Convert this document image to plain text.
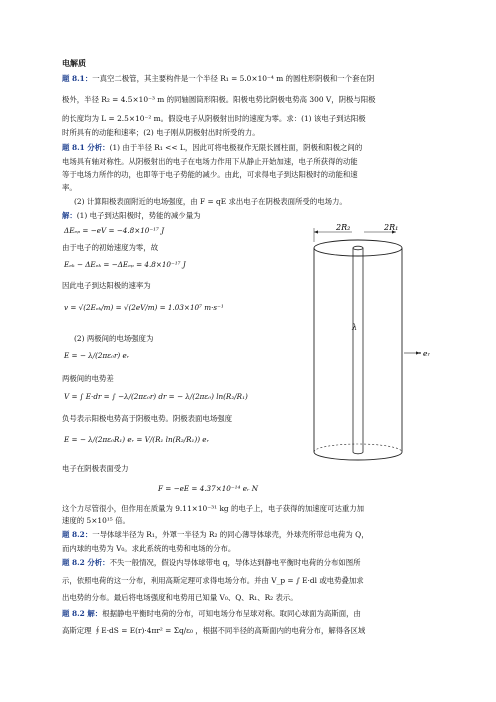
电解质
题 8.1：一真空二极管，其主要构件是一个半径 R₁ = 5.0×10⁻⁴ m 的圆柱形阴极和一个套在阴
极外，半径 R₂ = 4.5×10⁻³ m 的同轴圆筒形阳极。阳极电势比阴极电势高 300 V，阴极与阳极
的长度均为 L = 2.5×10⁻² m。假设电子从阴极射出时的速度为零。求：(1) 该电子到达阳极
时所具有的动能和速率；(2) 电子刚从阴极射出时所受的力。
题 8.1 分析：(1) 由于半径 R₁ << L，因此可将电极视作无限长圆柱面，阴极和阳极之间的
电场具有轴对称性。从阴极射出的电子在电场力作用下从静止开始加速，电子所获得的动能
等于电场力所作的功，也即等于电子势能的减少。由此，可求得电子到达阳极时的动能和速
率。
(2) 计算阳极表面附近的电场强度，由 F = qE 求出电子在阴极表面所受的电场力。
解：(1) 电子到达阳极时，势能的减少量为
ΔEₑₚ = −eV = −4.8×10⁻¹⁷ J
由于电子的初始速度为零，故
Eₑₖ − ΔEₑₖ = −ΔEₑₚ = 4.8×10⁻¹⁷ J
因此电子到达阳极的速率为
v = √(2Eₑₖ/m) = √(2eV/m) = 1.03×10⁷ m·s⁻¹
(2) 两极间的电场强度为
E = − λ/(2πε₀r) eᵣ
两极间的电势差
V = ∫ E·dr = ∫ −λ/(2πε₀r) dr = − λ/(2πε₀) ln(R₂/R₁)
负号表示阳极电势高于阴极电势。阴极表面电场强度
E = − λ/(2πε₀R₁) eᵣ = V/(R₁ ln(R₂/R₁)) eᵣ
电子在阴极表面受力
F = −eE = 4.37×10⁻¹⁴ eᵣ N
这个力尽管很小，但作用在质量为 9.11×10⁻³¹ kg 的电子上，电子获得的加速度可达重力加
速度的 5×10¹⁵ 倍。
题 8.2：一导体球半径为 R₁，外罩一半径为 R₂ 的同心薄导体球壳，外球壳所带总电荷为 Q，
而内球的电势为 V₀。求此系统的电势和电场的分布。
题 8.2 分析：不失一般情况，假设内导体球带电 q，导体达到静电平衡时电荷的分布如图所
示，依照电荷的这一分布，利用高斯定理可求得电场分布。并由 V_p = ∫ E·dl 或电势叠加求
出电势的分布。最后将电场强度和电势用已知量 V₀、Q、R₁、R₂ 表示。
题 8.2 解：根据静电平衡时电荷的分布，可知电场分布呈球对称。取同心球面为高斯面，由
高斯定理 ∮E·dS = E(r)·4πr² = Σq/ε₀ ，根据不同半径的高斯面内的电荷分布，解得各区域
2R₂	2R₁
λ
eᵣ
